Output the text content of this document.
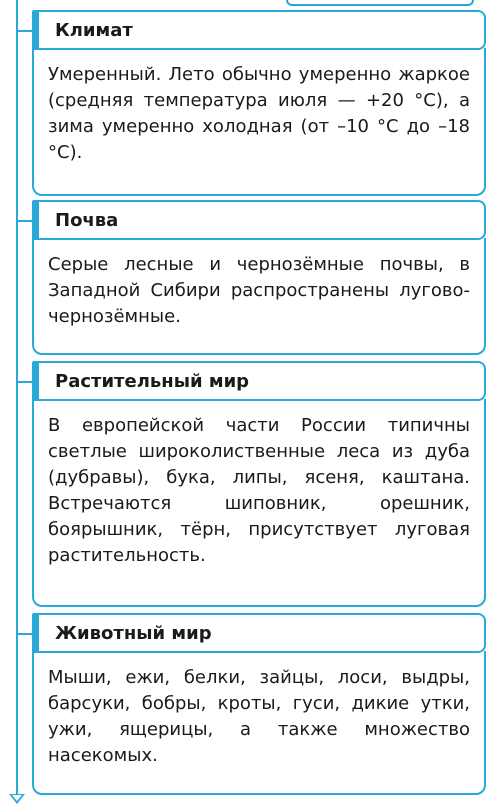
Умеренный. Лето обычно умеренно жаркое (средняя температура июля — +20 °C), а зима умеренно холодная (от –10 °C до –18 °C).
Климат
Серые лесные и чернозёмные почвы, в Западной Сибири распространены лугово-чернозёмные.
Почва
В европейской части России типичны светлые широколиственные леса из дуба (дубравы), бука, липы, ясеня, каштана. Встречаются шиповник, орешник, боярышник, тёрн, присутствует луговая растительность.
Растительный мир
Мыши, ежи, белки, зайцы, лоси, выдры, барсуки, бобры, кроты, гуси, дикие утки, ужи, ящерицы, а также множество насекомых.
Животный мир
